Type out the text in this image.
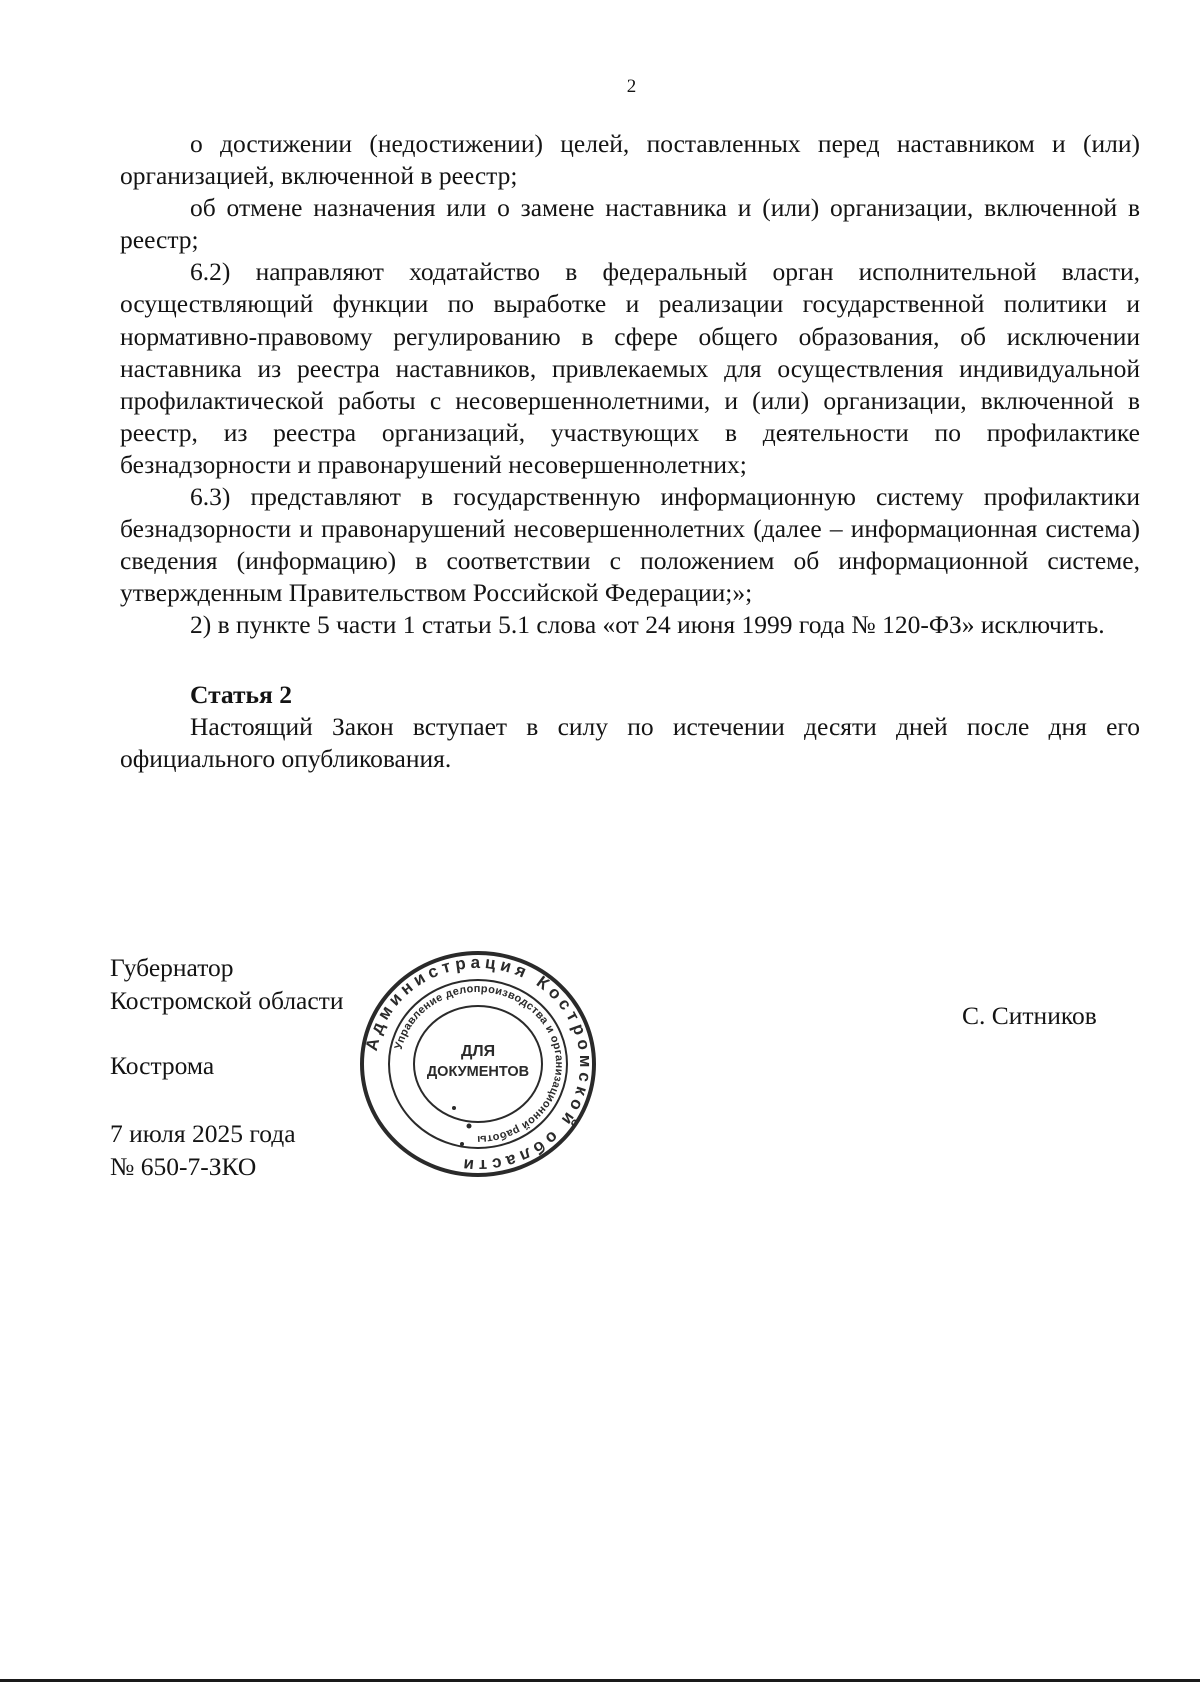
2

о достижении (недостижении) целей, поставленных перед наставником и (или) организацией, включенной в реестр;

об отмене назначения или о замене наставника и (или) организации, включенной в реестр;

6.2) направляют ходатайство в федеральный орган исполнительной власти, осуществляющий функции по выработке и реализации государственной политики и нормативно-правовому регулированию в сфере общего образования, об исключении наставника из реестра наставников, привлекаемых для осуществления индивидуальной профилактической работы с несовершеннолетними, и (или) организации, включенной в реестр, из реестра организаций, участвующих в деятельности по профилактике безнадзорности и правонарушений несовершеннолетних;

6.3) представляют в государственную информационную систему профилактики безнадзорности и правонарушений несовершеннолетних (далее – информационная система) сведения (информацию) в соответствии с положением об информационной системе, утвержденным Правительством Российской Федерации;»;

2) в пункте 5 части 1 статьи 5.1 слова «от 24 июня 1999 года № 120-ФЗ» исключить.

Статья 2

Настоящий Закон вступает в силу по истечении десяти дней после дня его официального опубликования.

Губернатор
Костромской области
Кострома
7 июля 2025 года
№ 650-7-ЗКО
С. Ситников
Администрация Костромской области
Управление делопроизводства и организационной работы
ДЛЯ
ДОКУМЕНТОВ
